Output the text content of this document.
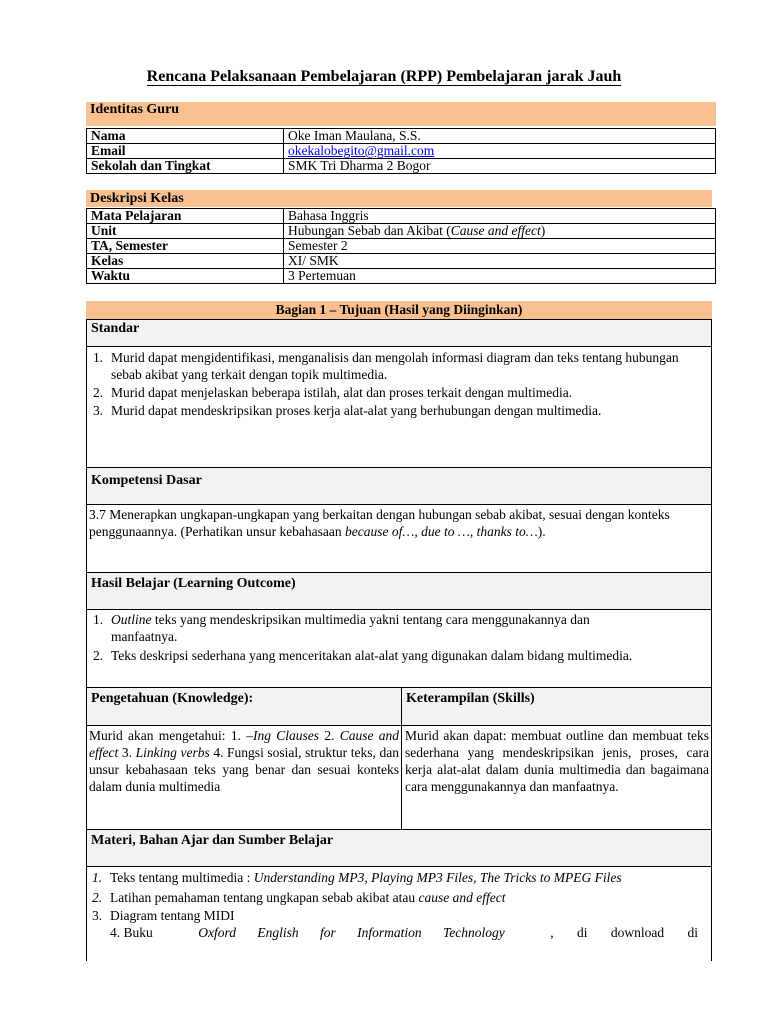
Rencana Pelaksanaan Pembelajaran (RPP) Pembelajaran jarak Jauh
Identitas Guru
Nama	Oke Iman Maulana, S.S.
Email	okekalobegito@gmail.com
Sekolah dan Tingkat	SMK Tri Dharma 2 Bogor
Deskripsi Kelas
Mata Pelajaran	Bahasa Inggris
Unit	Hubungan Sebab dan Akibat (Cause and effect)
TA, Semester	Semester 2
Kelas	XI/ SMK
Waktu	3 Pertemuan
Bagian 1 – Tujuan (Hasil yang Diinginkan)
Standar
1. Murid dapat mengidentifikasi, menganalisis dan mengolah informasi diagram dan teks tentang hubungan sebab akibat yang terkait dengan topik multimedia.
2. Murid dapat menjelaskan beberapa istilah, alat dan proses terkait dengan multimedia.
3. Murid dapat mendeskripsikan proses kerja alat-alat yang berhubungan dengan multimedia.
Kompetensi Dasar
3.7 Menerapkan ungkapan-ungkapan yang berkaitan dengan hubungan sebab akibat, sesuai dengan konteks penggunaannya. (Perhatikan unsur kebahasaan because of…, due to …, thanks to…).
Hasil Belajar (Learning Outcome)
1. Outline teks yang mendeskripsikan multimedia yakni tentang cara menggunakannya dan manfaatnya.
2. Teks deskripsi sederhana yang menceritakan alat-alat yang digunakan dalam bidang multimedia.
Pengetahuan (Knowledge):	Keterampilan (Skills)
Murid akan mengetahui: 1. –Ing Clauses 2. Cause and effect 3. Linking verbs 4. Fungsi sosial, struktur teks, dan unsur kebahasaan teks yang benar dan sesuai konteks dalam dunia multimedia
Murid akan dapat: membuat outline dan membuat teks sederhana yang mendeskripsikan jenis, proses, cara kerja alat-alat dalam dunia multimedia dan bagaimana cara menggunakannya dan manfaatnya.
Materi, Bahan Ajar dan Sumber Belajar
1. Teks tentang multimedia : Understanding MP3, Playing MP3 Files, The Tricks to MPEG Files
2. Latihan pemahaman tentang ungkapan sebab akibat atau cause and effect
3. Diagram tentang MIDI
4. Buku	Oxford English for Information Technology	, di download di
